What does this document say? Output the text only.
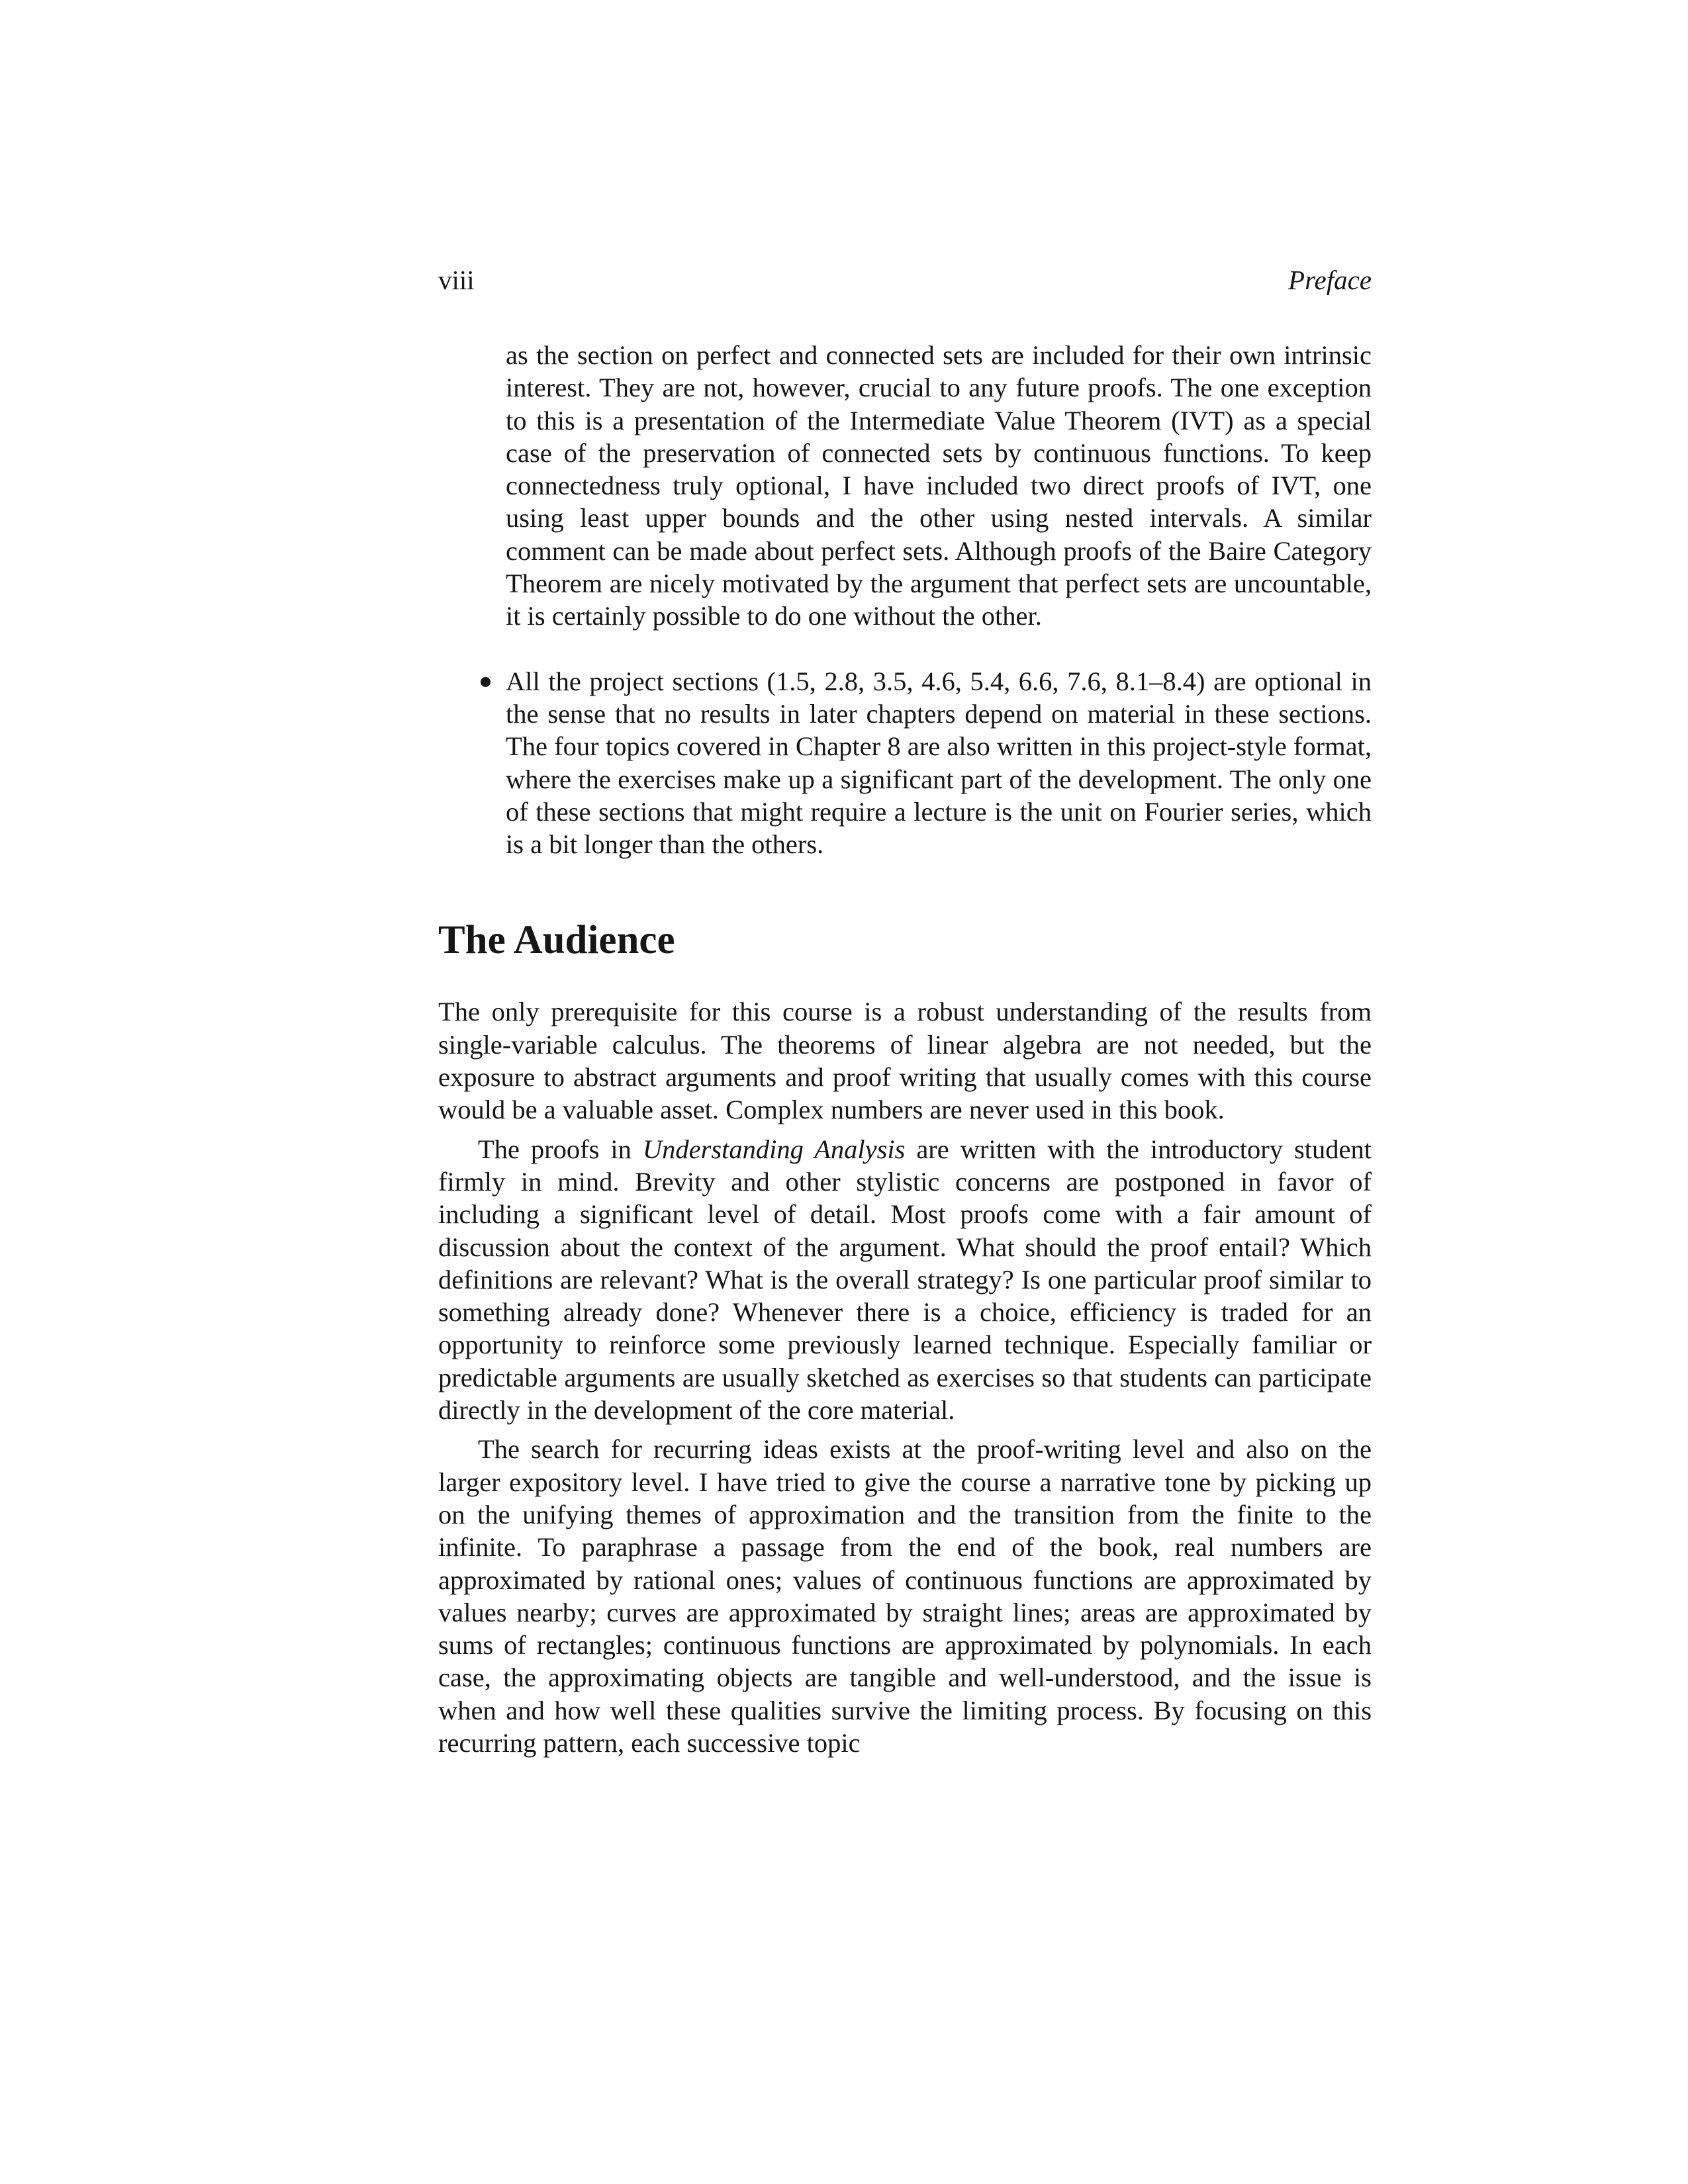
viii	Preface
as the section on perfect and connected sets are included for their own intrinsic interest. They are not, however, crucial to any future proofs. The one exception to this is a presentation of the Intermediate Value Theorem (IVT) as a special case of the preservation of connected sets by continuous functions. To keep connectedness truly optional, I have included two direct proofs of IVT, one using least upper bounds and the other using nested intervals. A similar comment can be made about perfect sets. Although proofs of the Baire Category Theorem are nicely motivated by the argument that perfect sets are uncountable, it is certainly possible to do one without the other.
All the project sections (1.5, 2.8, 3.5, 4.6, 5.4, 6.6, 7.6, 8.1–8.4) are optional in the sense that no results in later chapters depend on material in these sections. The four topics covered in Chapter 8 are also written in this project-style format, where the exercises make up a significant part of the development. The only one of these sections that might require a lecture is the unit on Fourier series, which is a bit longer than the others.
The Audience

The only prerequisite for this course is a robust understanding of the results from single-variable calculus. The theorems of linear algebra are not needed, but the exposure to abstract arguments and proof writing that usually comes with this course would be a valuable asset. Complex numbers are never used in this book.

The proofs in Understanding Analysis are written with the introductory student firmly in mind. Brevity and other stylistic concerns are postponed in favor of including a significant level of detail. Most proofs come with a fair amount of discussion about the context of the argument. What should the proof entail? Which definitions are relevant? What is the overall strategy? Is one particular proof similar to something already done? Whenever there is a choice, efficiency is traded for an opportunity to reinforce some previously learned technique. Especially familiar or predictable arguments are usually sketched as exercises so that students can participate directly in the development of the core material.

The search for recurring ideas exists at the proof-writing level and also on the larger expository level. I have tried to give the course a narrative tone by picking up on the unifying themes of approximation and the transition from the finite to the infinite. To paraphrase a passage from the end of the book, real numbers are approximated by rational ones; values of continuous functions are approximated by values nearby; curves are approximated by straight lines; areas are approximated by sums of rectangles; continuous functions are approximated by polynomials. In each case, the approximating objects are tangible and well-understood, and the issue is when and how well these qualities survive the limiting process. By focusing on this recurring pattern, each successive topic
